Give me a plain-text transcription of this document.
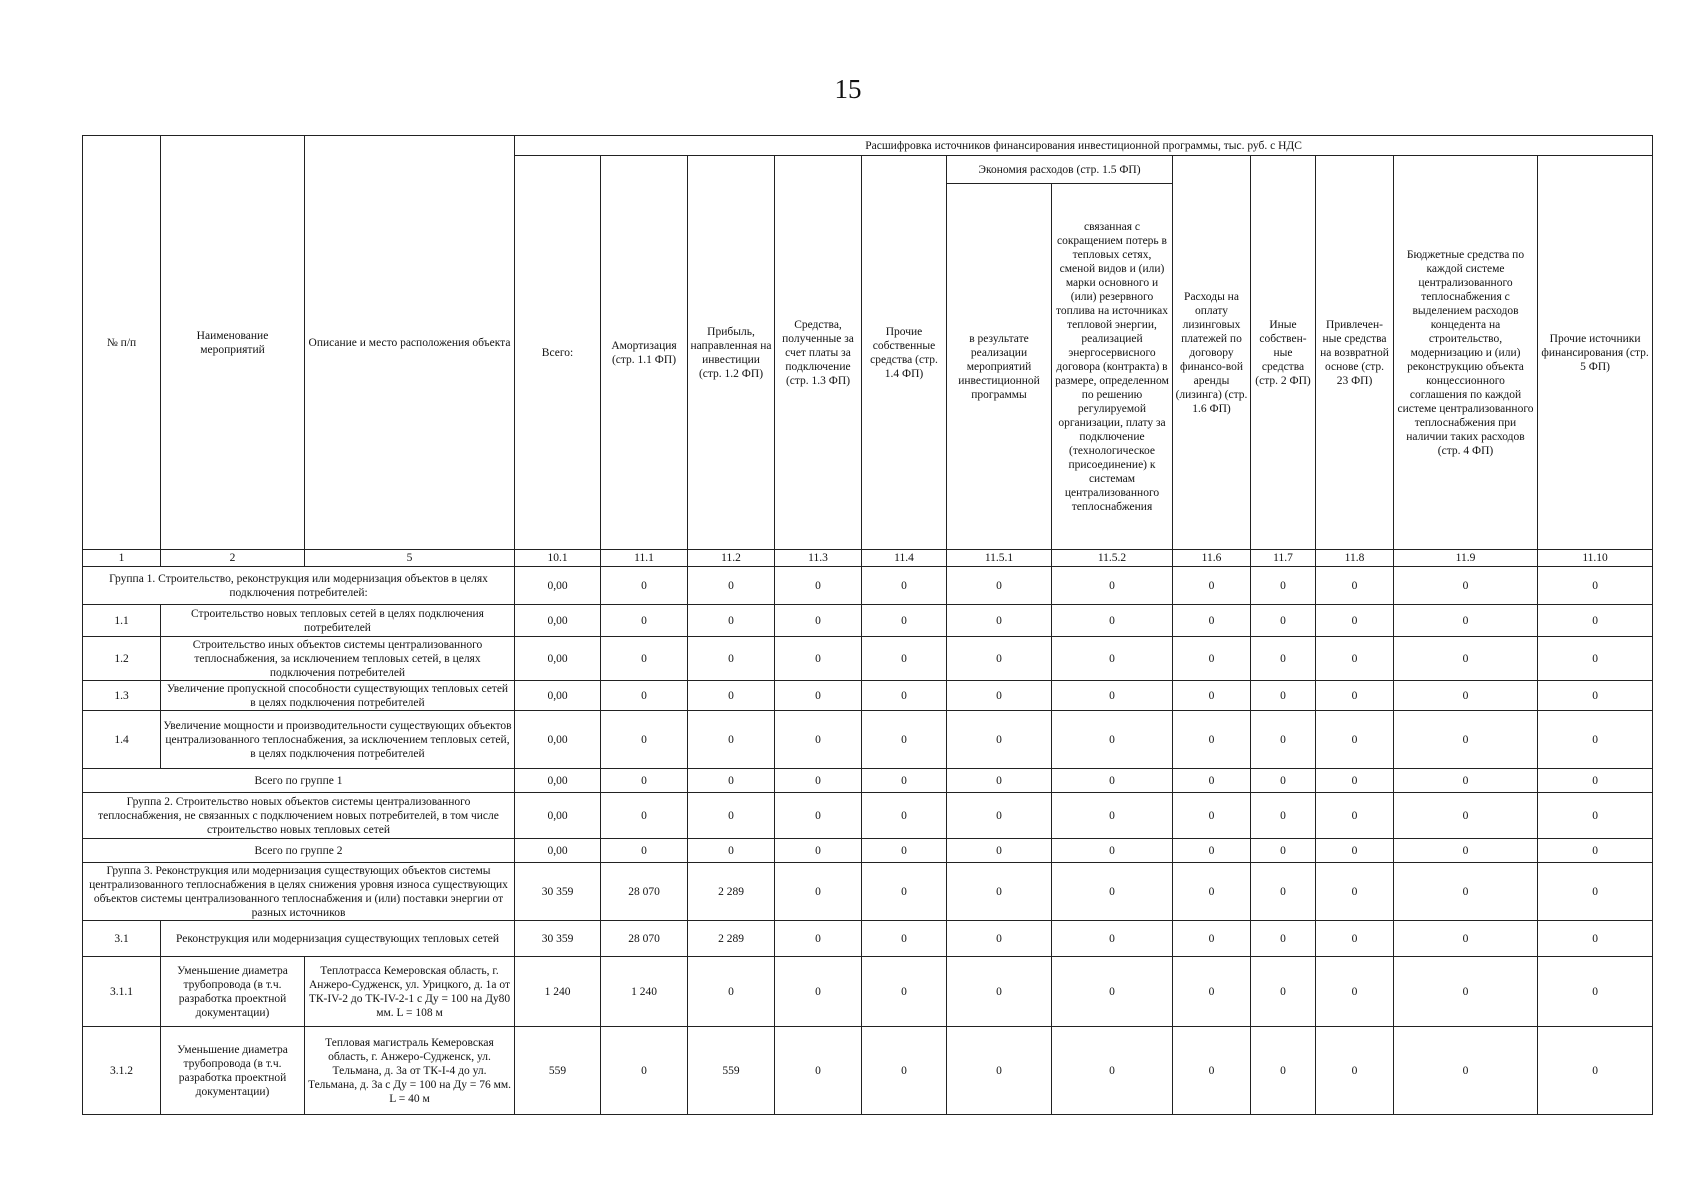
15
№ п/п	Наименование мероприятий	Описание и место расположения объекта	Расшифровка источников финансирования инвестиционной программы, тыс. руб. с НДС											
			Всего:	Амортизация (стр. 1.1 ФП)	Прибыль, направленная на инвестиции (стр. 1.2 ФП)	Средства, полученные за счет платы за подключение (стр. 1.3 ФП)	Прочие собственные средства (стр. 1.4 ФП)	Экономия расходов (стр. 1.5 ФП)		Расходы на оплату лизинговых платежей по договору финансо-вой аренды (лизинга) (стр. 1.6 ФП)	Иные собствен-ные средства (стр. 2 ФП)	Привлечен-ные средства на возвратной основе (стр. 23 ФП)	Бюджетные средства по каждой системе централизованного теплоснабжения с выделением расходов концедента на строительство, модернизацию и (или) реконструкцию объекта концессионного соглашения по каждой системе централизованного теплоснабжения при наличии таких расходов (стр. 4 ФП)	Прочие источники финансирования (стр. 5 ФП)
								в результате реализации мероприятий инвестиционной программы	связанная с сокращением потерь в тепловых сетях, сменой видов и (или) марки основного и (или) резервного топлива на источниках тепловой энергии, реализацией энергосервисного договора (контракта) в размере, определенном по решению регулируемой организации, плату за подключение (технологическое присоединение) к системам централизованного теплоснабжения					
1	2	5	10.1	11.1	11.2	11.3	11.4	11.5.1	11.5.2	11.6	11.7	11.8	11.9	11.10
Группа 1. Строительство, реконструкция или модернизация объектов в целях подключения потребителей:			0,00	0	0	0	0	0	0	0	0	0	0	0
1.1	Строительство новых тепловых сетей в целях подключения потребителей		0,00	0	0	0	0	0	0	0	0	0	0	0
1.2	Строительство иных объектов системы централизованного теплоснабжения, за исключением тепловых сетей, в целях подключения потребителей		0,00	0	0	0	0	0	0	0	0	0	0	0
1.3	Увеличение пропускной способности существующих тепловых сетей в целях подключения потребителей		0,00	0	0	0	0	0	0	0	0	0	0	0
1.4	Увеличение мощности и производительности существующих объектов централизованного теплоснабжения, за исключением тепловых сетей, в целях подключения потребителей		0,00	0	0	0	0	0	0	0	0	0	0	0
Всего по группе 1			0,00	0	0	0	0	0	0	0	0	0	0	0
Группа 2. Строительство новых объектов системы централизованного теплоснабжения, не связанных с подключением новых потребителей, в том числе строительство новых тепловых сетей			0,00	0	0	0	0	0	0	0	0	0	0	0
Всего по группе 2			0,00	0	0	0	0	0	0	0	0	0	0	0
Группа 3. Реконструкция или модернизация существующих объектов системы централизованного теплоснабжения в целях снижения уровня износа существующих объектов системы централизованного теплоснабжения и (или) поставки энергии от разных источников			30 359	28 070	2 289	0	0	0	0	0	0	0	0	0
3.1	Реконструкция или модернизация существующих тепловых сетей		30 359	28 070	2 289	0	0	0	0	0	0	0	0	0
3.1.1	Уменьшение диаметра трубопровода (в т.ч. разработка проектной документации)	Теплотрасса Кемеровская область, г. Анжеро-Судженск, ул. Урицкого, д. 1а от ТК-IV-2 до ТК-IV-2-1 с Ду = 100 на Ду80 мм. L = 108 м	1 240	1 240	0	0	0	0	0	0	0	0	0	0
3.1.2	Уменьшение диаметра трубопровода (в т.ч. разработка проектной документации)	Тепловая магистраль Кемеровская область, г. Анжеро-Судженск, ул. Тельмана, д. 3а от ТК-I-4 до ул. Тельмана, д. 3а с Ду = 100 на Ду = 76 мм. L = 40 м	559	0	559	0	0	0	0	0	0	0	0	0
